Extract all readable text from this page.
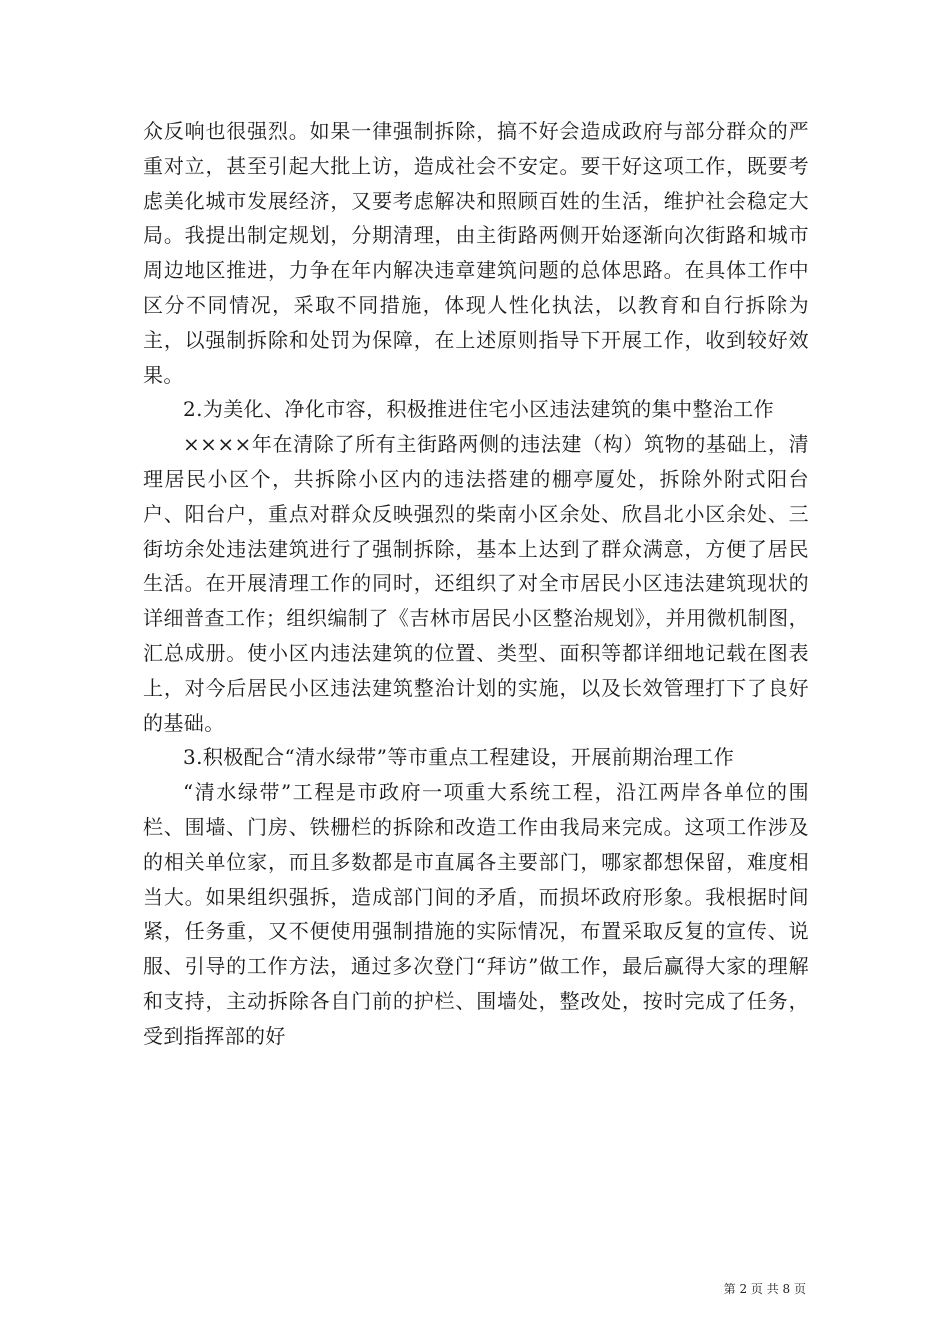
众反响也很强烈。如果一律强制拆除，搞不好会造成政府与部分群众的严重对立，甚至引起大批上访，造成社会不安定。要干好这项工作，既要考虑美化城市发展经济，又要考虑解决和照顾百姓的生活，维护社会稳定大局。我提出制定规划，分期清理，由主街路两侧开始逐渐向次街路和城市周边地区推进，力争在年内解决违章建筑问题的总体思路。在具体工作中区分不同情况，采取不同措施，体现人性化执法，以教育和自行拆除为主，以强制拆除和处罚为保障，在上述原则指导下开展工作，收到较好效果。

2.为美化、净化市容，积极推进住宅小区违法建筑的集中整治工作

××××年在清除了所有主街路两侧的违法建（构）筑物的基础上，清理居民小区个，共拆除小区内的违法搭建的棚亭厦处，拆除外附式阳台户、阳台户，重点对群众反映强烈的柴南小区余处、欣昌北小区余处、三街坊余处违法建筑进行了强制拆除，基本上达到了群众满意，方便了居民生活。在开展清理工作的同时，还组织了对全市居民小区违法建筑现状的详细普查工作；组织编制了《吉林市居民小区整治规划》，并用微机制图，汇总成册。使小区内违法建筑的位置、类型、面积等都详细地记载在图表上，对今后居民小区违法建筑整治计划的实施，以及长效管理打下了良好的基础。

3.积极配合“清水绿带”等市重点工程建设，开展前期治理工作

“清水绿带”工程是市政府一项重大系统工程，沿江两岸各单位的围栏、围墙、门房、铁栅栏的拆除和改造工作由我局来完成。这项工作涉及的相关单位家，而且多数都是市直属各主要部门，哪家都想保留，难度相当大。如果组织强拆，造成部门间的矛盾，而损坏政府形象。我根据时间紧，任务重，又不便使用强制措施的实际情况，布置采取反复的宣传、说服、引导的工作方法，通过多次登门“拜访”做工作，最后赢得大家的理解和支持，主动拆除各自门前的护栏、围墙处，整改处，按时完成了任务，受到指挥部的好

第 2 页 共 8 页
